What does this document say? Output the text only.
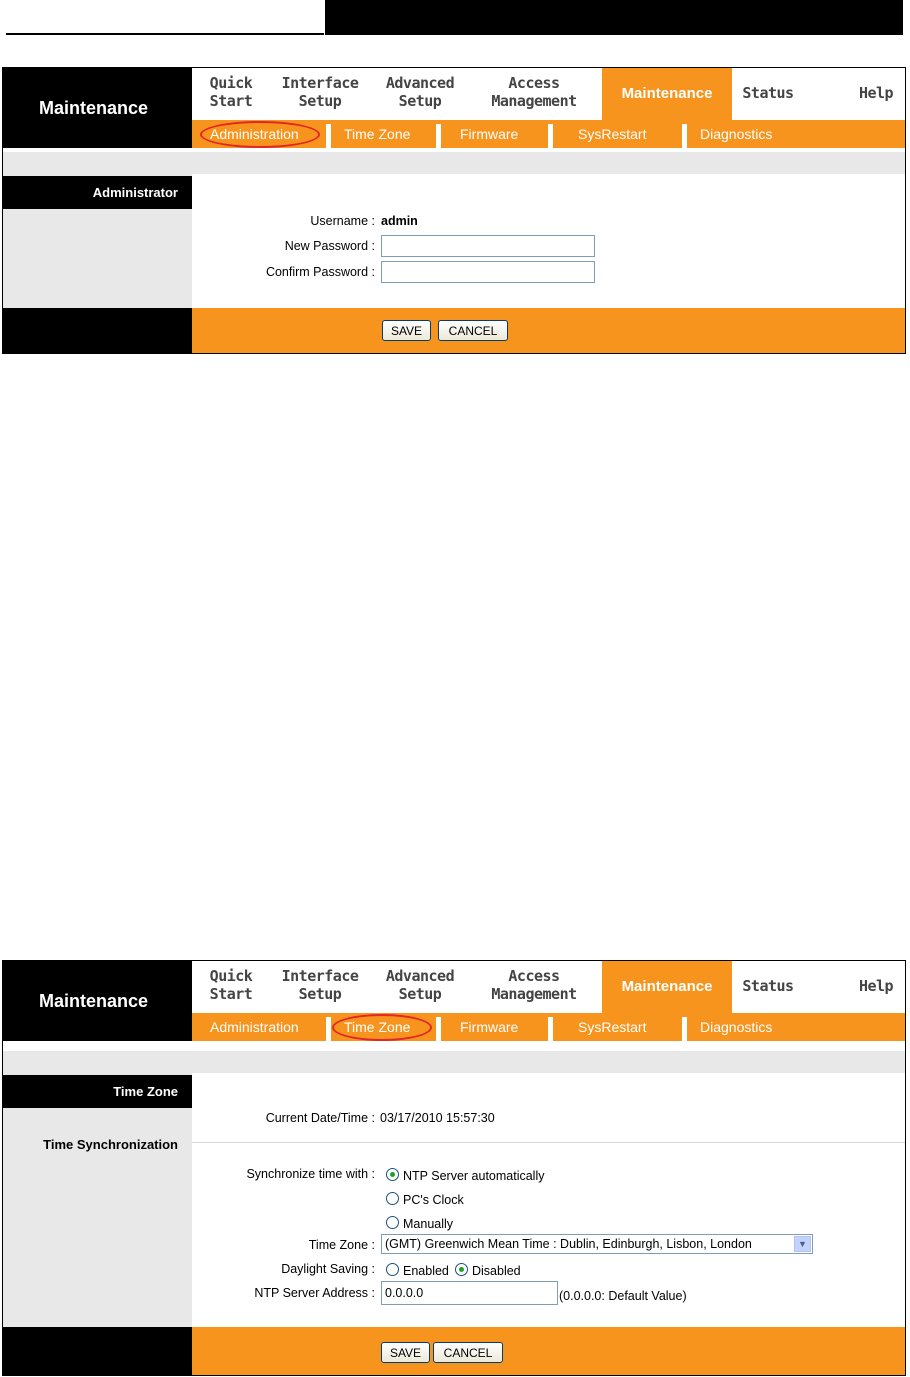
Maintenance
Quick
Start
Interface
Setup
Advanced
Setup
Access
Management	Maintenance	Status	Help
Administration	Time Zone	Firmware	SysRestart	Diagnostics
Administrator
Username : admin
New Password :
Confirm Password :
SAVE	CANCEL
Maintenance
Quick
Start
Interface
Setup
Advanced
Setup
Access
Management	Maintenance	Status	Help
Administration	Time Zone	Firmware	SysRestart	Diagnostics
Time Zone
Time Synchronization
Current Date/Time : 03/17/2010 15:57:30
Synchronize time with : NTP Server automatically
PC's Clock
Manually
Time Zone : (GMT) Greenwich Mean Time : Dublin, Edinburgh, Lisbon, London	▼
Daylight Saving : Enabled Disabled
NTP Server Address :
0.0.0.0	(0.0.0.0: Default Value)
SAVE	CANCEL
